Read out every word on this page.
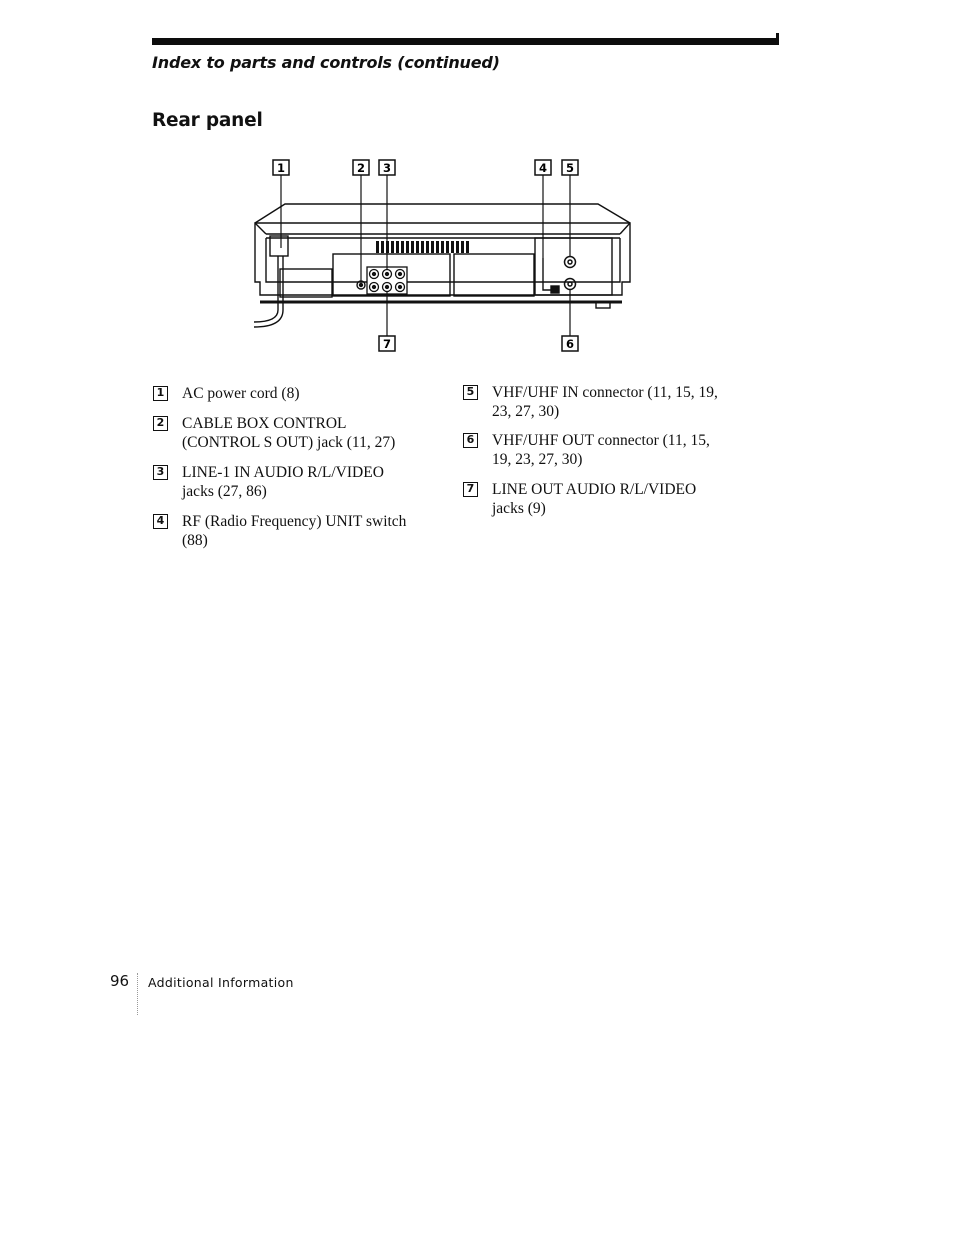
Index to parts and controls (continued)
Rear panel
1	2 3	4 5
6
7
1 AC power cord (8)
2 CABLE BOX CONTROL
(CONTROL S OUT) jack (11, 27)
3 LINE-1 IN AUDIO R/L/VIDEO
jacks (27, 86)
4 RF (Radio Frequency) UNIT switch
(88)
5 VHF/UHF IN connector (11, 15, 19,
23, 27, 30)
6 VHF/UHF OUT connector (11, 15,
19, 23, 27, 30)
7 LINE OUT AUDIO R/L/VIDEO
jacks (9)
96 Additional Information
